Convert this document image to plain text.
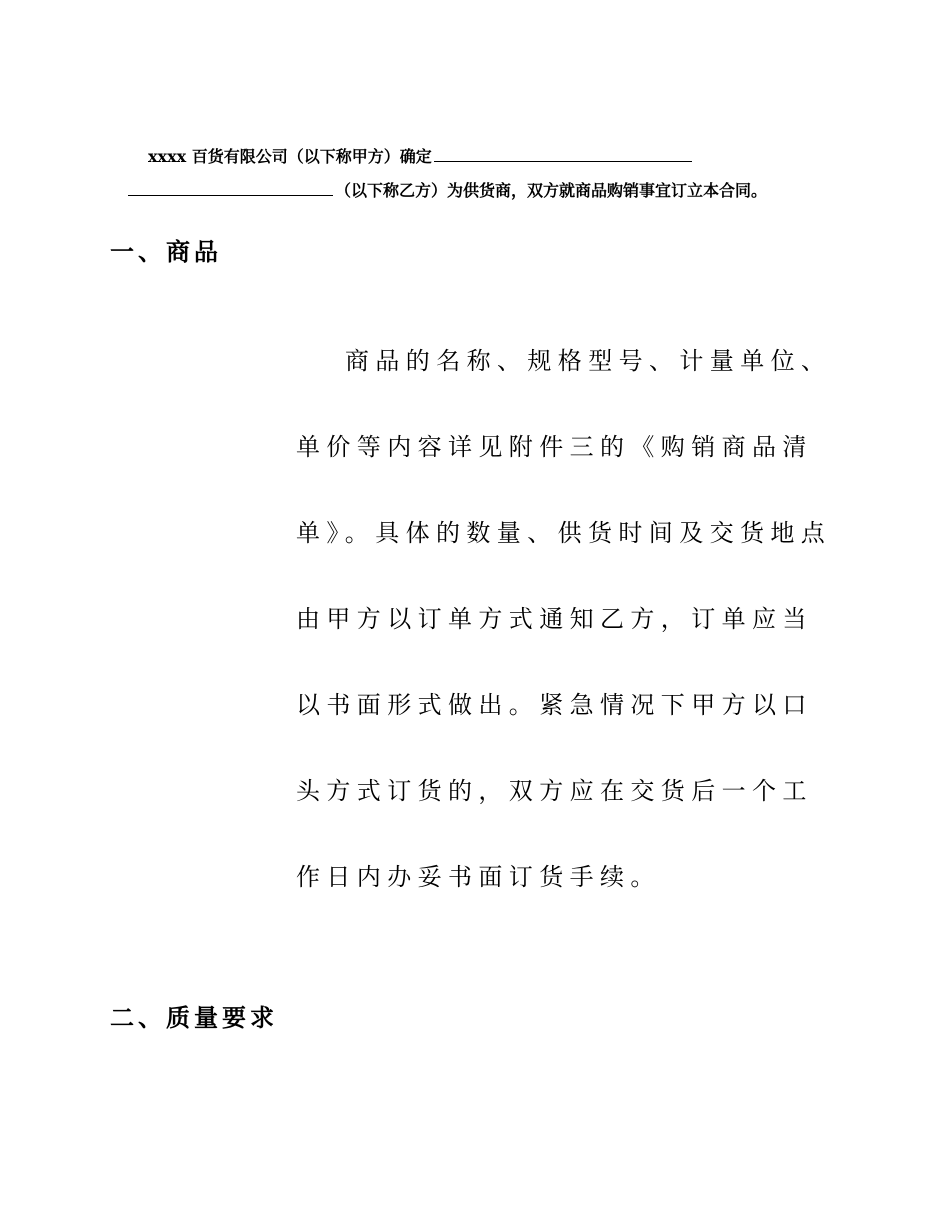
xxxx 百货有限公司（以下称甲方）确定
（以下称乙方）为供货商，双方就商品购销事宜订立本合同。
一、商品

商品的名称、规格型号、计量单位、单价等内容详见附件三的《购销商品清单》。具体的数量、供货时间及交货地点由甲方以订单方式通知乙方，订单应当以书面形式做出。紧急情况下甲方以口头方式订货的，双方应在交货后一个工作日内办妥书面订货手续。

二、质量要求
